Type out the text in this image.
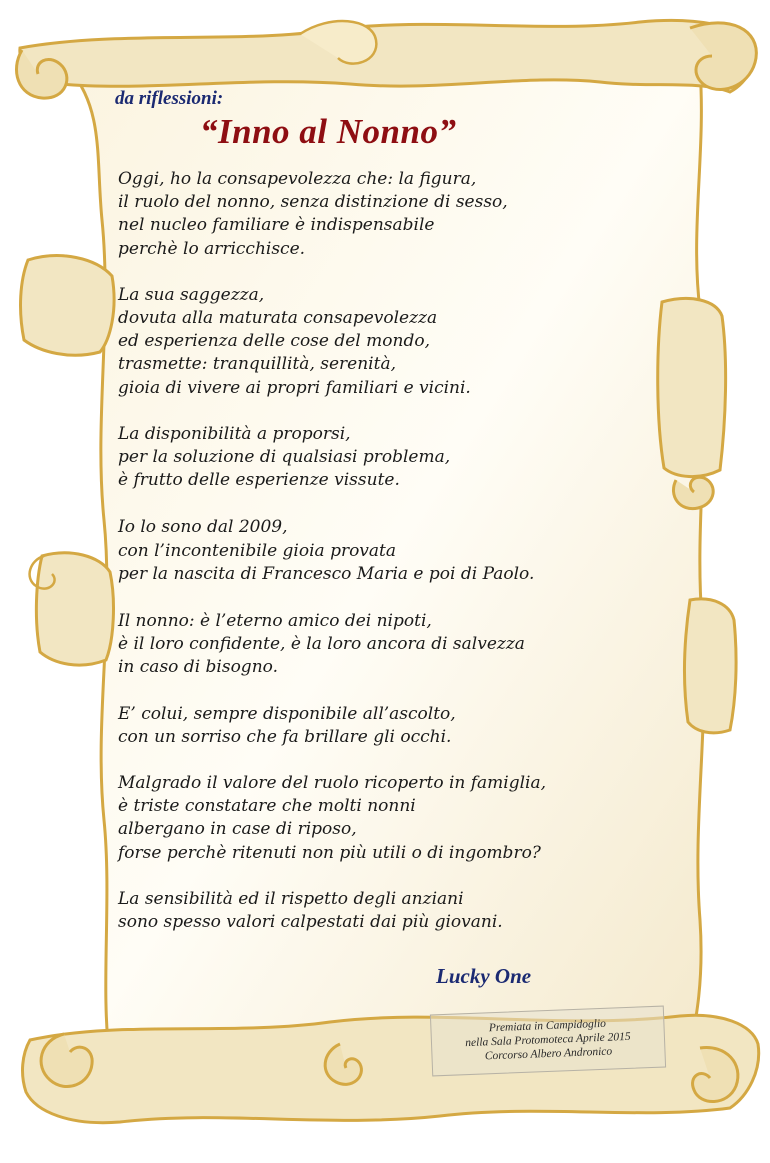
da riflessioni:

“Inno al Nonno”

Oggi, ho la consapevolezza che: la figura,
il ruolo del nonno, senza distinzione di sesso,
nel nucleo familiare è indispensabile
perchè lo arricchisce.

La sua saggezza,
dovuta alla maturata consapevolezza
ed esperienza delle cose del mondo,
trasmette: tranquillità, serenità,
gioia di vivere ai propri familiari e vicini.

La disponibilità a proporsi,
per la soluzione di qualsiasi problema,
è frutto delle esperienze vissute.

Io lo sono dal 2009,
con l’incontenibile gioia provata
per la nascita di Francesco Maria e poi di Paolo.

Il nonno: è l’eterno amico dei nipoti,
è il loro confidente, è la loro ancora di salvezza
in caso di bisogno.

E’ colui, sempre disponibile all’ascolto,
con un sorriso che fa brillare gli occhi.

Malgrado il valore del ruolo ricoperto in famiglia,
è triste constatare che molti nonni
albergano in case di riposo,
forse perchè ritenuti non più utili o di ingombro?

La sensibilità ed il rispetto degli anziani
sono spesso valori calpestati dai più giovani.

Lucky One

Premiata in Campidoglio
nella Sala Protomoteca Aprile 2015
Corcorso Albero Andronico
